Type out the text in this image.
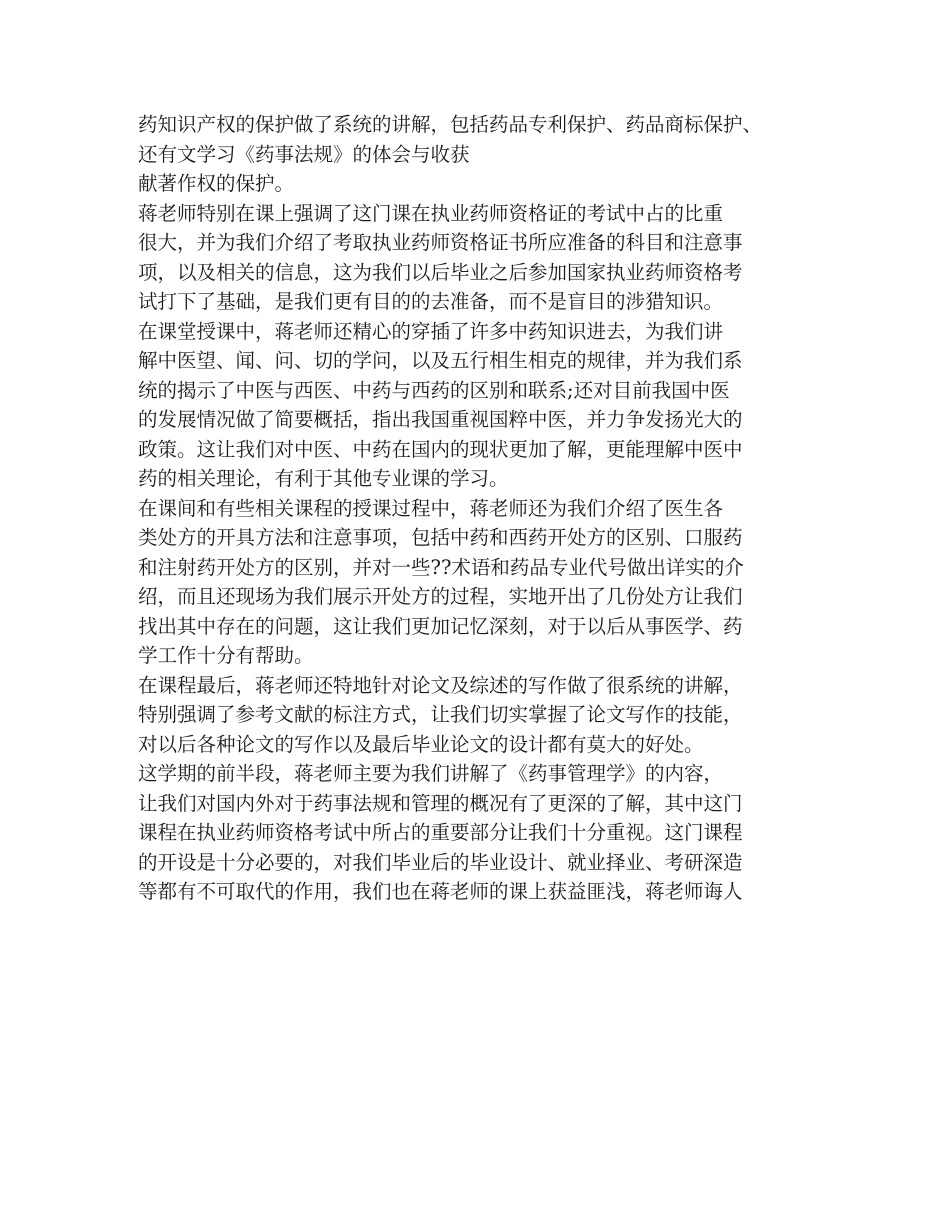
药知识产权的保护做了系统的讲解，包括药品专利保护、药品商标保护、
还有文学习《药事法规》的体会与收获
献著作权的保护。
蒋老师特别在课上强调了这门课在执业药师资格证的考试中占的比重
很大，并为我们介绍了考取执业药师资格证书所应准备的科目和注意事
项，以及相关的信息，这为我们以后毕业之后参加国家执业药师资格考
试打下了基础，是我们更有目的的去准备，而不是盲目的涉猎知识。
在课堂授课中，蒋老师还精心的穿插了许多中药知识进去，为我们讲
解中医望、闻、问、切的学问，以及五行相生相克的规律，并为我们系
统的揭示了中医与西医、中药与西药的区别和联系;还对目前我国中医
的发展情况做了简要概括，指出我国重视国粹中医，并力争发扬光大的
政策。这让我们对中医、中药在国内的现状更加了解，更能理解中医中
药的相关理论，有利于其他专业课的学习。
在课间和有些相关课程的授课过程中，蒋老师还为我们介绍了医生各
类处方的开具方法和注意事项，包括中药和西药开处方的区别、口服药
和注射药开处方的区别，并对一些??术语和药品专业代号做出详实的介
绍，而且还现场为我们展示开处方的过程，实地开出了几份处方让我们
找出其中存在的问题，这让我们更加记忆深刻，对于以后从事医学、药
学工作十分有帮助。
在课程最后，蒋老师还特地针对论文及综述的写作做了很系统的讲解，
特别强调了参考文献的标注方式，让我们切实掌握了论文写作的技能，
对以后各种论文的写作以及最后毕业论文的设计都有莫大的好处。
这学期的前半段，蒋老师主要为我们讲解了《药事管理学》的内容，
让我们对国内外对于药事法规和管理的概况有了更深的了解，其中这门
课程在执业药师资格考试中所占的重要部分让我们十分重视。这门课程
的开设是十分必要的，对我们毕业后的毕业设计、就业择业、考研深造
等都有不可取代的作用，我们也在蒋老师的课上获益匪浅，蒋老师诲人
